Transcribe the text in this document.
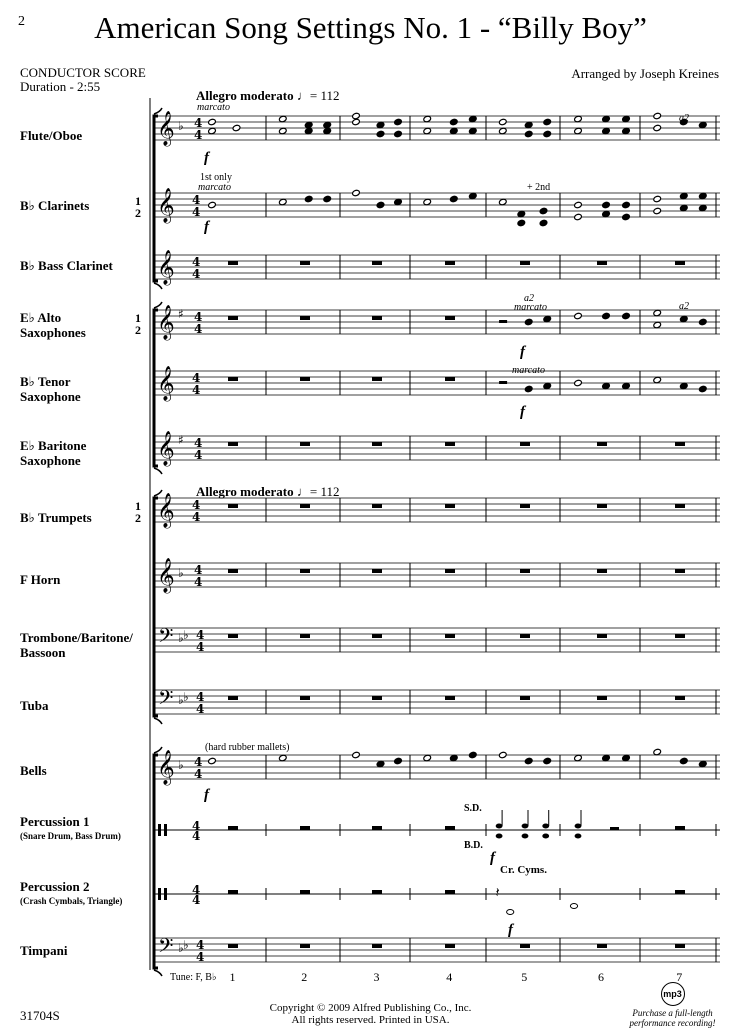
2	American Song Settings No. 1 - “Billy Boy”
CONDUCTOR SCORE
Duration - 2:55
Arranged by Joseph Kreines
Allegro moderato ♩= 112
Allegro moderato ♩= 112
Flute/Oboe
B♭ Clarinets	1
2
B♭ Bass Clarinet
E♭ Alto
Saxophones
1
2
B♭ Tenor
Saxophone
E♭ Baritone
Saxophone
B♭ Trumpets
1
2
F Horn
Trombone/Baritone/
Bassoon
Tuba
Bells
Percussion 1
(Snare Drum, Bass Drum)
Percussion 2
(Crash Cymbals, Triangle)
Timpani
𝄞 ♭ 4
4
𝄞 4
4
𝄞 4
4
𝄞 ♯ 4
4
𝄞 4
4
𝄞 ♯ 4
4
𝄞 4
4
𝄞 ♭ 4
4
𝄢 ♭ ♭ 4
4
𝄢 ♭ ♭ 4
4
𝄞 ♭ 4
4
4
4
4
4
𝄢 ♭ ♭ 4
4
𝄽
marcato
f
1st only
marcato
f
+ 2nd
a2
a2
marcato
f
a2
marcato
f
(hard rubber mallets)
f
S.D.
B.D.
f
Cr. Cyms.
f
Tune: F, B♭ 1	2	3	4	5	6	7
31704S	Copyright © 2009 Alfred Publishing Co., Inc.
All rights reserved. Printed in USA.
mp3
Purchase a full-length performance recording!
